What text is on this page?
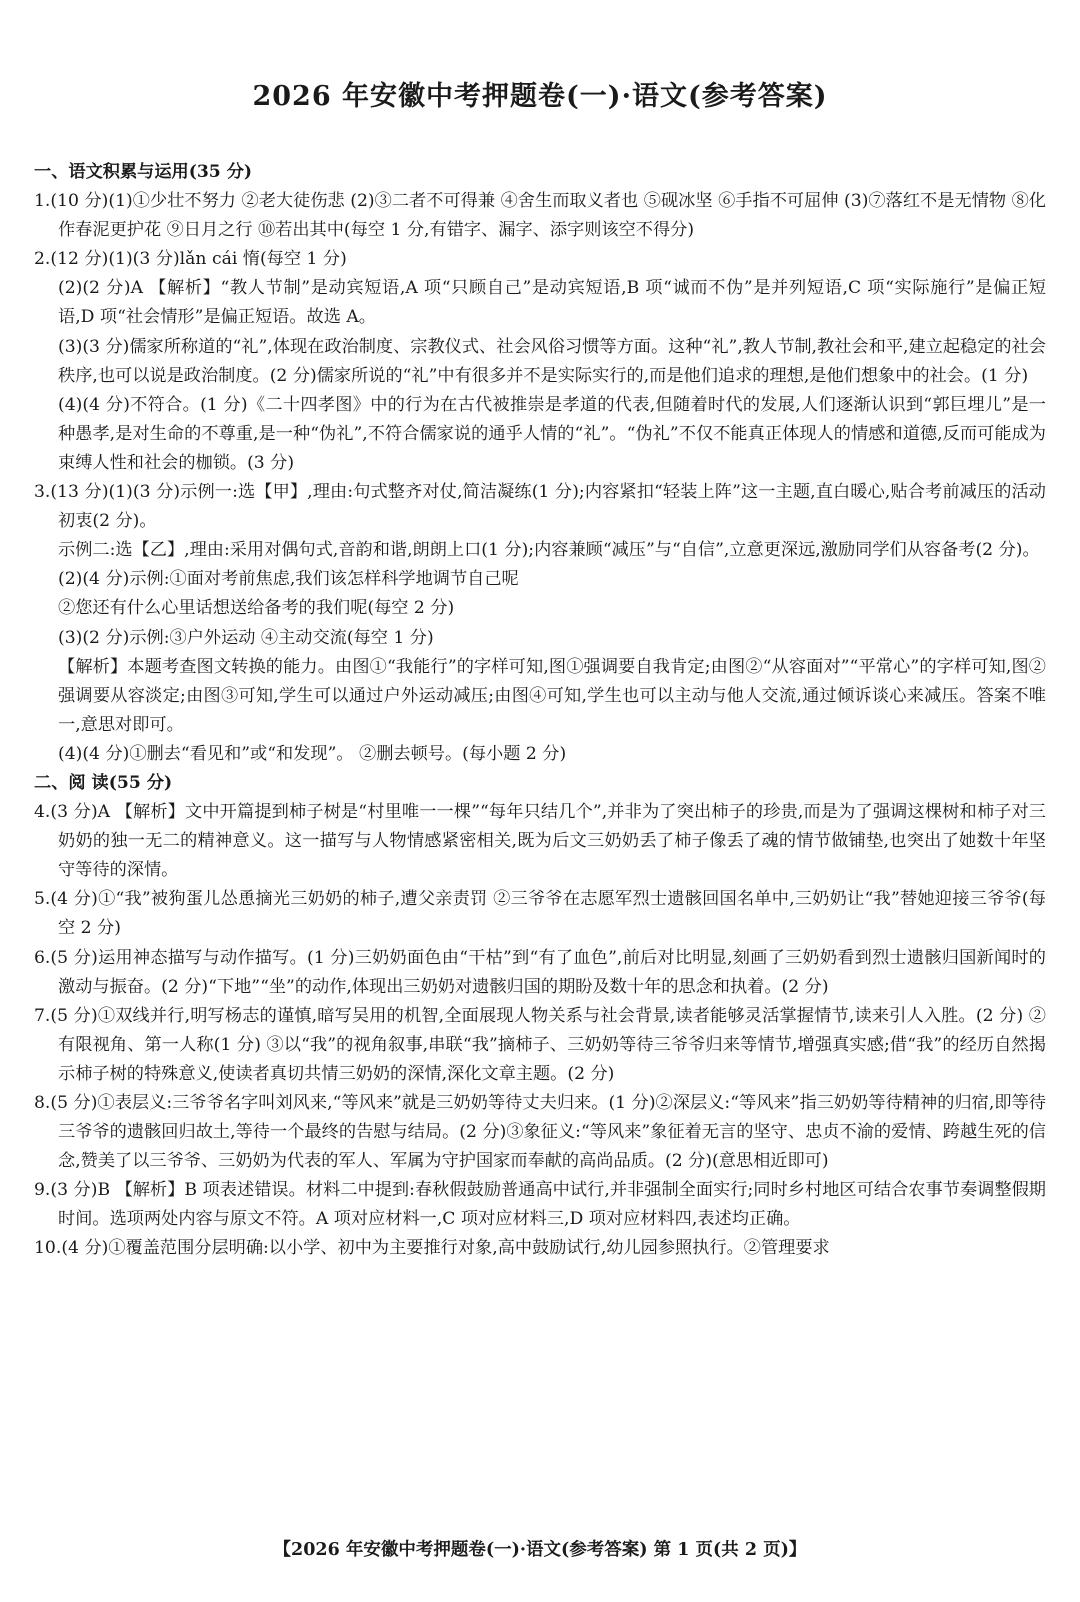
2026 年安徽中考押题卷(一)·语文(参考答案)

一、语文积累与运用(35 分)

1.(10 分)(1)①少壮不努力 ②老大徒伤悲 (2)③二者不可得兼 ④舍生而取义者也 ⑤砚冰坚 ⑥手指不可屈伸 (3)⑦落红不是无情物 ⑧化作春泥更护花 ⑨日月之行 ⑩若出其中(每空 1 分,有错字、漏字、添字则该空不得分)

2.(12 分)(1)(3 分)lǎn cái 惰(每空 1 分)

(2)(2 分)A 【解析】“教人节制”是动宾短语,A 项“只顾自己”是动宾短语,B 项“诚而不伪”是并列短语,C 项“实际施行”是偏正短语,D 项“社会情形”是偏正短语。故选 A。

(3)(3 分)儒家所称道的“礼”,体现在政治制度、宗教仪式、社会风俗习惯等方面。这种“礼”,教人节制,教社会和平,建立起稳定的社会秩序,也可以说是政治制度。(2 分)儒家所说的“礼”中有很多并不是实际实行的,而是他们追求的理想,是他们想象中的社会。(1 分)

(4)(4 分)不符合。(1 分)《二十四孝图》中的行为在古代被推崇是孝道的代表,但随着时代的发展,人们逐渐认识到“郭巨埋儿”是一种愚孝,是对生命的不尊重,是一种“伪礼”,不符合儒家说的通乎人情的“礼”。“伪礼”不仅不能真正体现人的情感和道德,反而可能成为束缚人性和社会的枷锁。(3 分)

3.(13 分)(1)(3 分)示例一:选【甲】,理由:句式整齐对仗,简洁凝练(1 分);内容紧扣“轻装上阵”这一主题,直白暖心,贴合考前减压的活动初衷(2 分)。

示例二:选【乙】,理由:采用对偶句式,音韵和谐,朗朗上口(1 分);内容兼顾“减压”与“自信”,立意更深远,激励同学们从容备考(2 分)。

(2)(4 分)示例:①面对考前焦虑,我们该怎样科学地调节自己呢

②您还有什么心里话想送给备考的我们呢(每空 2 分)

(3)(2 分)示例:③户外运动 ④主动交流(每空 1 分)

【解析】本题考查图文转换的能力。由图①“我能行”的字样可知,图①强调要自我肯定;由图②“从容面对”“平常心”的字样可知,图②强调要从容淡定;由图③可知,学生可以通过户外运动减压;由图④可知,学生也可以主动与他人交流,通过倾诉谈心来减压。答案不唯一,意思对即可。

(4)(4 分)①删去“看见和”或“和发现”。 ②删去顿号。(每小题 2 分)

二、阅 读(55 分)

4.(3 分)A 【解析】文中开篇提到柿子树是“村里唯一一棵”“每年只结几个”,并非为了突出柿子的珍贵,而是为了强调这棵树和柿子对三奶奶的独一无二的精神意义。这一描写与人物情感紧密相关,既为后文三奶奶丢了柿子像丢了魂的情节做铺垫,也突出了她数十年坚守等待的深情。

5.(4 分)①“我”被狗蛋儿怂恿摘光三奶奶的柿子,遭父亲责罚 ②三爷爷在志愿军烈士遗骸回国名单中,三奶奶让“我”替她迎接三爷爷(每空 2 分)

6.(5 分)运用神态描写与动作描写。(1 分)三奶奶面色由“干枯”到“有了血色”,前后对比明显,刻画了三奶奶看到烈士遗骸归国新闻时的激动与振奋。(2 分)“下地”“坐”的动作,体现出三奶奶对遗骸归国的期盼及数十年的思念和执着。(2 分)

7.(5 分)①双线并行,明写杨志的谨慎,暗写吴用的机智,全面展现人物关系与社会背景,读者能够灵活掌握情节,读来引人入胜。(2 分) ②有限视角、第一人称(1 分) ③以“我”的视角叙事,串联“我”摘柿子、三奶奶等待三爷爷归来等情节,增强真实感;借“我”的经历自然揭示柿子树的特殊意义,使读者真切共情三奶奶的深情,深化文章主题。(2 分)

8.(5 分)①表层义:三爷爷名字叫刘风来,“等风来”就是三奶奶等待丈夫归来。(1 分)②深层义:“等风来”指三奶奶等待精神的归宿,即等待三爷爷的遗骸回归故土,等待一个最终的告慰与结局。(2 分)③象征义:“等风来”象征着无言的坚守、忠贞不渝的爱情、跨越生死的信念,赞美了以三爷爷、三奶奶为代表的军人、军属为守护国家而奉献的高尚品质。(2 分)(意思相近即可)

9.(3 分)B 【解析】B 项表述错误。材料二中提到:春秋假鼓励普通高中试行,并非强制全面实行;同时乡村地区可结合农事节奏调整假期时间。选项两处内容与原文不符。A 项对应材料一,C 项对应材料三,D 项对应材料四,表述均正确。

10.(4 分)①覆盖范围分层明确:以小学、初中为主要推行对象,高中鼓励试行,幼儿园参照执行。②管理要求

【2026 年安徽中考押题卷(一)·语文(参考答案) 第 1 页(共 2 页)】
